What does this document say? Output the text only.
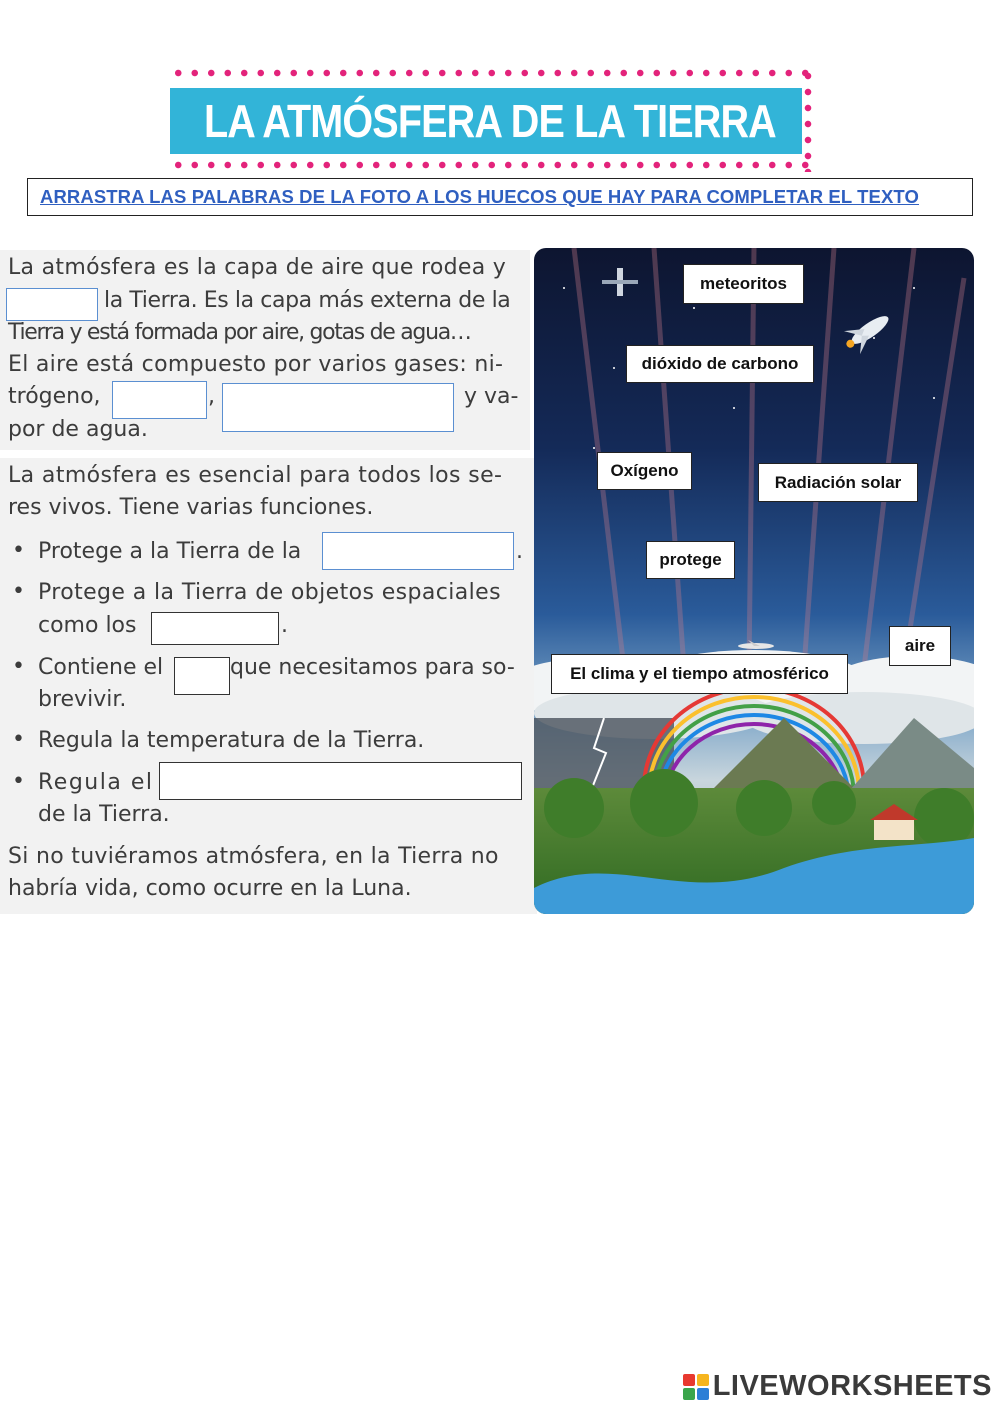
LA ATMÓSFERA DE LA TIERRA
ARRASTRA LAS PALABRAS DE LA FOTO A LOS HUECOS QUE HAY PARA COMPLETAR EL TEXTO
La atmósfera es la capa de aire que rodea y
la Tierra. Es la capa más externa de la
Tierra y está formada por aire, gotas de agua…
El aire está compuesto por varios gases: ni-
trógeno,	,	y va-
por de agua.
La atmósfera es esencial para todos los se-
res vivos. Tiene varias funciones.
• Protege a la Tierra de la	.
• Protege a la Tierra de objetos espaciales
como los	.
• Contiene el	que necesitamos para so-
brevivir.
• Regula la temperatura de la Tierra.
• Regula el
de la Tierra.
Si no tuviéramos atmósfera, en la Tierra no
habría vida, como ocurre en la Luna.
meteoritos
dióxido de carbono
Oxígeno
Radiación solar
protege
aire
El clima y el tiempo atmosférico
LIVEWORKSHEETS
